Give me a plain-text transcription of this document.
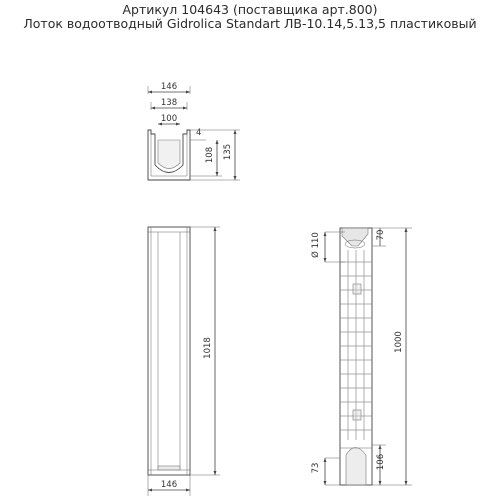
Артикул 104643 (поставщика арт.800)
Лоток водоотводный Gidrolica Standart ЛВ-10.14,5.13,5 пластиковый
146
138
100
4
108 135
1018
146
Ø 110	70
1000
106
73
